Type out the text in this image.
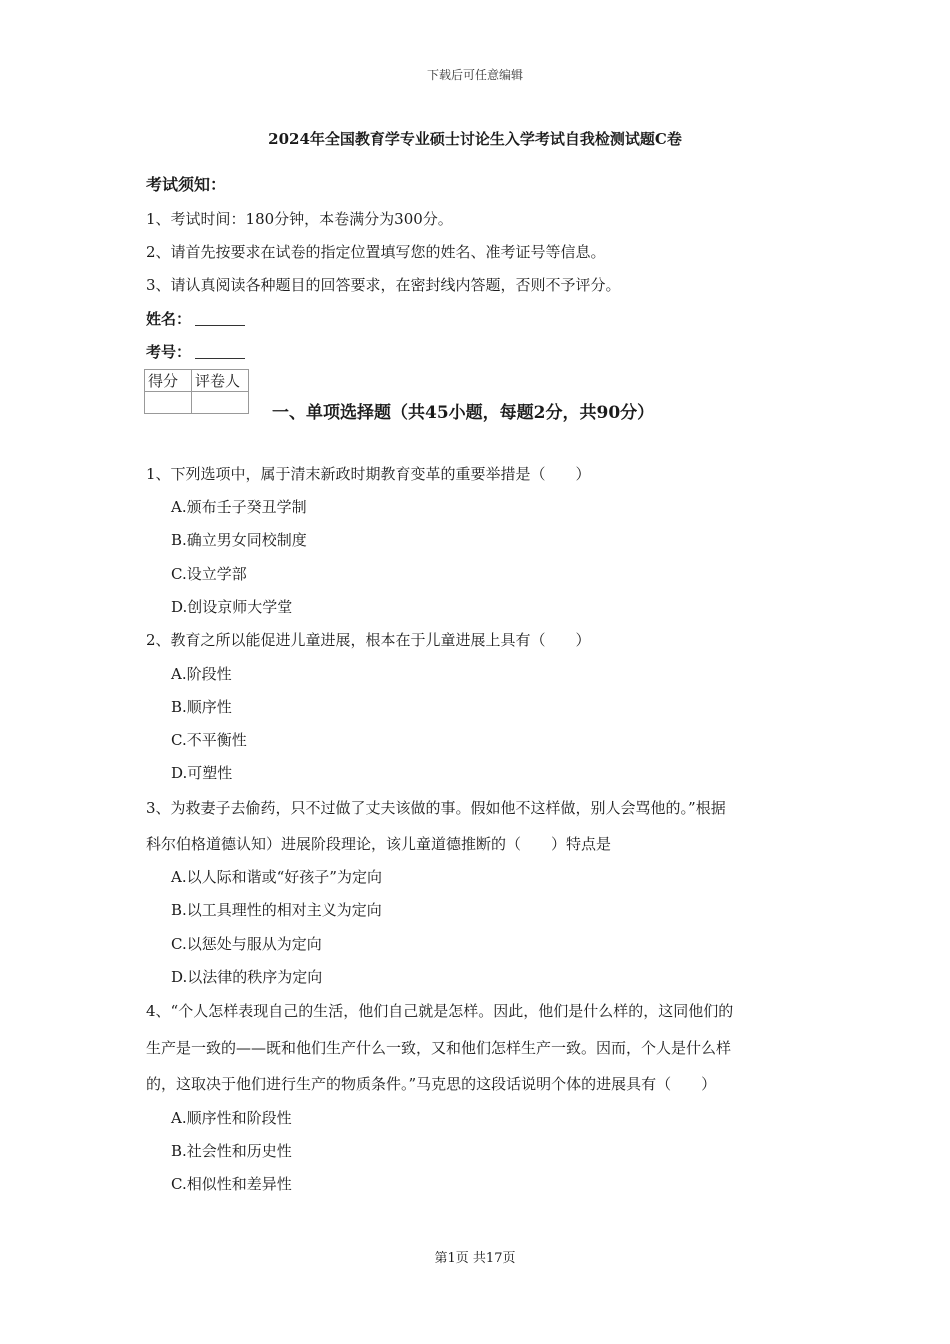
下载后可任意编辑
2024年全国教育学专业硕士讨论生入学考试自我检测试题C卷
考试须知：
1、考试时间：180分钟，本卷满分为300分。
2、请首先按要求在试卷的指定位置填写您的姓名、准考证号等信息。
3、请认真阅读各种题目的回答要求，在密封线内答题，否则不予评分。
姓名：
考号：
得分	评卷人

一、单项选择题（共45小题，每题2分，共90分）
1、下列选项中，属于清末新政时期教育变革的重要举措是（　　）
A.颁布壬子癸丑学制
B.确立男女同校制度
C.设立学部
D.创设京师大学堂
2、教育之所以能促进儿童进展，根本在于儿童进展上具有（　　）
A.阶段性
B.顺序性
C.不平衡性
D.可塑性
3、为救妻子去偷药，只不过做了丈夫该做的事。假如他不这样做，别人会骂他的。”根据
科尔伯格道德认知）进展阶段理论，该儿童道德推断的（　　）特点是
A.以人际和谐或“好孩子”为定向
B.以工具理性的相对主义为定向
C.以惩处与服从为定向
D.以法律的秩序为定向
4、“个人怎样表现自己的生活，他们自己就是怎样。因此，他们是什么样的，这同他们的
生产是一致的——既和他们生产什么一致，又和他们怎样生产一致。因而，个人是什么样
的，这取决于他们进行生产的物质条件。”马克思的这段话说明个体的进展具有（　　）
A.顺序性和阶段性
B.社会性和历史性
C.相似性和差异性
第1页 共17页
